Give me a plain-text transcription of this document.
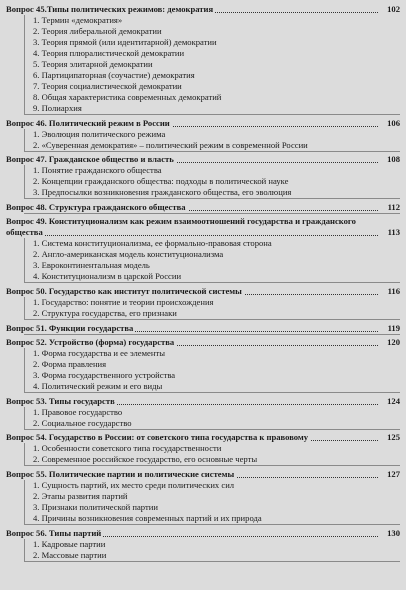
Вопрос 45.Типы политических режимов: демократия	102
1. Термин «демократия»
2. Теория либеральной демократии
3. Теория прямой (или идентитарной) демократии
4. Теория плюралистической демократии
5. Теория элитарной демократии
6. Партиципаторная (соучастие) демократия
7. Теория социалистической демократии
8. Общая характеристика современных демократий
9. Полиархия
Вопрос 46. Политический режим в России	106
1. Эволюция политического режима
2. «Суверенная демократия» – политический режим в современной России
Вопрос 47. Гражданское общество и власть	108
1. Понятие гражданского общества
2. Концепции гражданского общества: подходы в политической науке
3. Предпосылки возникновения гражданского общества, его эволюция
Вопрос 48. Структура гражданского общества	112
Вопрос 49. Конституционализм как режим взаимоотношений государства и гражданского общества	113
1. Система конституционализма, ее формально-правовая сторона
2. Англо-американская модель конституционализма
3. Евроконтинентальная модель
4. Конституционализм в царской России
Вопрос 50. Государство как институт политической системы	116
1. Государство: понятие и теории происхождения
2. Структура государства, его признаки
Вопрос 51. Функции государства	119
Вопрос 52. Устройство (форма) государства	120
1. Форма государства и ее элементы
2. Форма правления
3. Форма государственного устройства
4. Политический режим и его виды
Вопрос 53. Типы государств	124
1. Правовое государство
2. Социальное государство
Вопрос 54. Государство в России: от советского типа государства к правовому	125
1. Особенности советского типа государственности
2. Современное российское государство, его основные черты
Вопрос 55. Политические партии и политические системы	127
1. Сущность партий, их место среди политических сил
2. Этапы развития партий
3. Признаки политической партии
4. Причины возникновения современных партий и их природа
Вопрос 56. Типы партий	130
1. Кадровые партии
2. Массовые партии
